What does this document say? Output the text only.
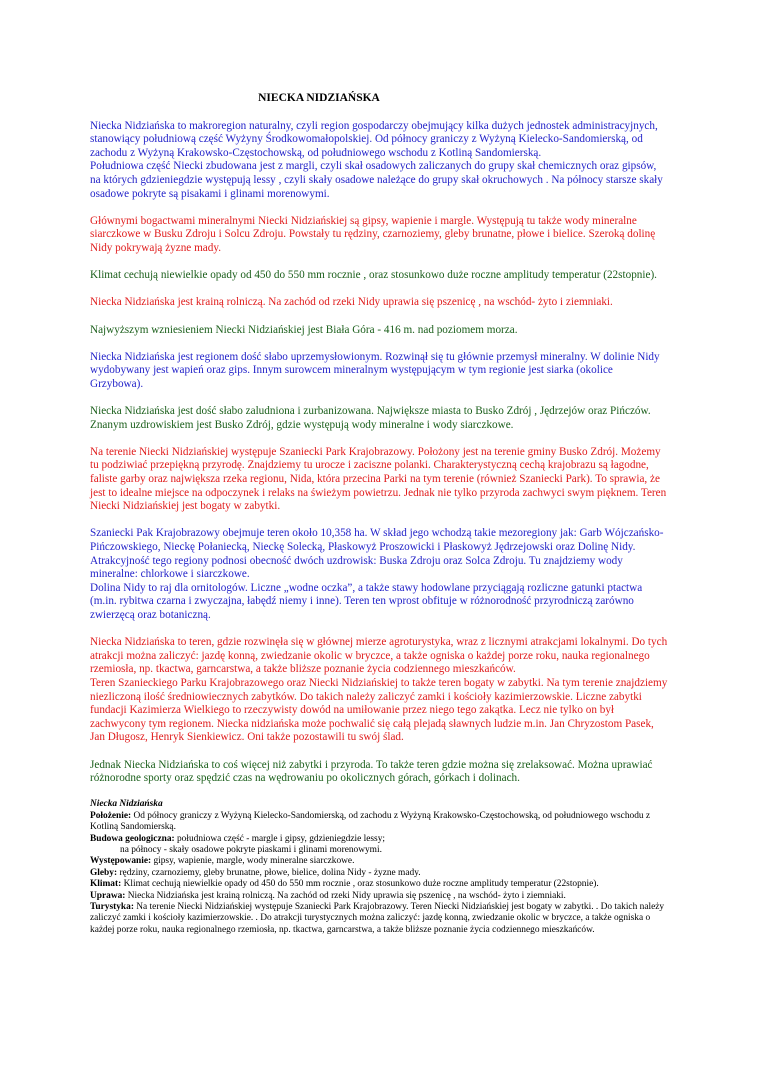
NIECKA NIDZIAŃSKA

Niecka Nidziańska to makroregion naturalny, czyli region gospodarczy obejmujący kilka dużych jednostek administracyjnych, stanowiący południową część Wyżyny Środkowomałopolskiej. Od północy graniczy z Wyżyną Kielecko-Sandomierską, od zachodu z Wyżyną Krakowsko-Częstochowską, od południowego wschodu z Kotliną Sandomierską.

Południowa część Niecki zbudowana jest z margli, czyli skał osadowych zaliczanych do grupy skał chemicznych oraz gipsów, na których gdzieniegdzie występują lessy , czyli skały osadowe należące do grupy skał okruchowych . Na północy starsze skały osadowe pokryte są pisakami i glinami morenowymi.

Głównymi bogactwami mineralnymi Niecki Nidziańskiej są gipsy, wapienie i margle. Występują tu także wody mineralne siarczkowe w Busku Zdroju i Solcu Zdroju. Powstały tu rędziny, czarnoziemy, gleby brunatne, płowe i bielice. Szeroką dolinę Nidy pokrywają żyzne mady.

Klimat cechują niewielkie opady od 450 do 550 mm rocznie , oraz stosunkowo duże roczne amplitudy temperatur (22stopnie).

Niecka Nidziańska jest krainą rolniczą. Na zachód od rzeki Nidy uprawia się pszenicę , na wschód- żyto i ziemniaki.

Najwyższym wzniesieniem Niecki Nidziańskiej jest Biała Góra - 416 m. nad poziomem morza.

Niecka Nidziańska jest regionem dość słabo uprzemysłowionym. Rozwinął się tu głównie przemysł mineralny. W dolinie Nidy wydobywany jest wapień oraz gips. Innym surowcem mineralnym występującym w tym regionie jest siarka (okolice Grzybowa).

Niecka Nidziańska jest dość słabo zaludniona i zurbanizowana. Największe miasta to Busko Zdrój , Jędrzejów oraz Pińczów. Znanym uzdrowiskiem jest Busko Zdrój, gdzie występują wody mineralne i wody siarczkowe.

Na terenie Niecki Nidziańskiej występuje Szaniecki Park Krajobrazowy. Położony jest na terenie gminy Busko Zdrój. Możemy tu podziwiać przepiękną przyrodę. Znajdziemy tu urocze i zaciszne polanki. Charakterystyczną cechą krajobrazu są łagodne, faliste garby oraz największa rzeka regionu, Nida, która przecina Parki na tym terenie (również Szaniecki Park). To sprawia, że jest to idealne miejsce na odpoczynek i relaks na świeżym powietrzu. Jednak nie tylko przyroda zachwyci swym pięknem. Teren Niecki Nidziańskiej jest bogaty w zabytki.

Szaniecki Pak Krajobrazowy obejmuje teren około 10,358 ha. W skład jego wchodzą takie mezoregiony jak: Garb Wójczańsko-Pińczowskiego, Nieckę Połaniecką, Nieckę Solecką, Płaskowyż Proszowicki i Płaskowyż Jędrzejowski oraz Dolinę Nidy.

Atrakcyjność tego regiony podnosi obecność dwóch uzdrowisk: Buska Zdroju oraz Solca Zdroju. Tu znajdziemy wody mineralne: chlorkowe i siarczkowe.

Dolina Nidy to raj dla ornitologów. Liczne „wodne oczka”, a także stawy hodowlane przyciągają rozliczne gatunki ptactwa (m.in. rybitwa czarna i zwyczajna, łabędź niemy i inne). Teren ten wprost obfituje w różnorodność przyrodniczą zarówno zwierzęcą oraz botaniczną.

Niecka Nidziańska to teren, gdzie rozwinęła się w głównej mierze agroturystyka, wraz z licznymi atrakcjami lokalnymi. Do tych atrakcji można zaliczyć: jazdę konną, zwiedzanie okolic w bryczce, a także ogniska o każdej porze roku, nauka regionalnego rzemiosła, np. tkactwa, garncarstwa, a także bliższe poznanie życia codziennego mieszkańców.

Teren Szanieckiego Parku Krajobrazowego oraz Niecki Nidziańskiej to także teren bogaty w zabytki. Na tym terenie znajdziemy niezliczoną ilość średniowiecznych zabytków. Do takich należy zaliczyć zamki i kościoły kazimierzowskie. Liczne zabytki fundacji Kazimierza Wielkiego to rzeczywisty dowód na umiłowanie przez niego tego zakątka. Lecz nie tylko on był zachwycony tym regionem. Niecka nidziańska może pochwalić się całą plejadą sławnych ludzie m.in. Jan Chryzostom Pasek, Jan Długosz, Henryk Sienkiewicz. Oni także pozostawili tu swój ślad.

Jednak Niecka Nidziańska to coś więcej niż zabytki i przyroda. To także teren gdzie można się zrelaksować. Można uprawiać różnorodne sporty oraz spędzić czas na wędrowaniu po okolicznych górach, górkach i dolinach.

Niecka Nidziańska

Położenie: Od północy graniczy z Wyżyną Kielecko-Sandomierską, od zachodu z Wyżyną Krakowsko-Częstochowską, od południowego wschodu z Kotliną Sandomierską.

Budowa geologiczna: południowa część - margle i gipsy, gdzieniegdzie lessy;

na północy - skały osadowe pokryte piaskami i glinami morenowymi.

Występowanie: gipsy, wapienie, margle, wody mineralne siarczkowe.

Gleby: rędziny, czarnoziemy, gleby brunatne, płowe, bielice, dolina Nidy - żyzne mady.

Klimat: Klimat cechują niewielkie opady od 450 do 550 mm rocznie , oraz stosunkowo duże roczne amplitudy temperatur (22stopnie).

Uprawa: Niecka Nidziańska jest krainą rolniczą. Na zachód od rzeki Nidy uprawia się pszenicę , na wschód- żyto i ziemniaki.

Turystyka: Na terenie Niecki Nidziańskiej występuje Szaniecki Park Krajobrazowy. Teren Niecki Nidziańskiej jest bogaty w zabytki. . Do takich należy zaliczyć zamki i kościoły kazimierzowskie. . Do atrakcji turystycznych można zaliczyć: jazdę konną, zwiedzanie okolic w bryczce, a także ogniska o każdej porze roku, nauka regionalnego rzemiosła, np. tkactwa, garncarstwa, a także bliższe poznanie życia codziennego mieszkańców.
